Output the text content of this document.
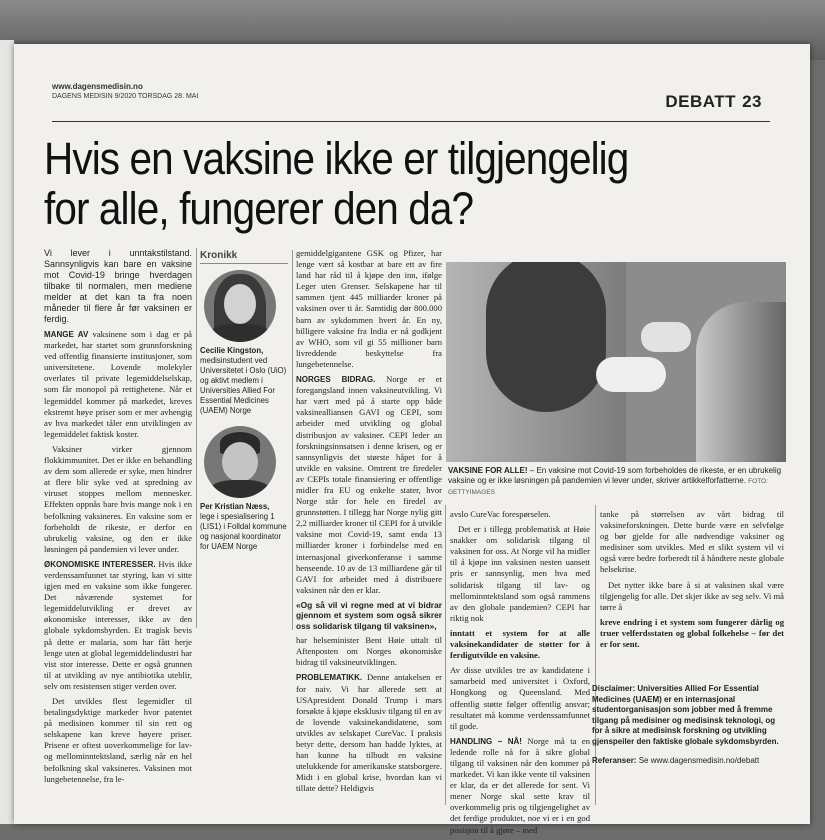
www.dagensmedisin.no
DAGENS MEDISIN 9/2020 TORSDAG 28. MAI	DEBATT 23
Hvis en vaksine ikke er tilgjengelig
for alle, fungerer den da?

Vi lever i unntakstilstand. Sannsynligvis kan bare en vaksine mot Covid-19 bringe hverdagen tilbake til normalen, men mediene melder at det kan ta fra noen måneder til flere år før vaksinen er ferdig.

MANGE AV vaksinene som i dag er på markedet, har startet som grunnforskning ved offentlig finansierte institusjoner, som universitetene. Lovende molekyler overlates til private legemiddelselskap, som får monopol på rettighetene. Når et legemiddel kommer på markedet, kreves ekstremt høye priser som er mer avhengig av hva markedet tåler enn utviklingen av legemiddelet faktisk koster.

Vaksiner virker gjennom flokkimmunitet. Det er ikke en behandling av dem som allerede er syke, men hindrer at flere blir syke ved at spredning av viruset stoppes mellom mennesker. Effekten oppnås bare hvis mange nok i en befolkning vaksineres. En vaksine som er forbeholdt de rikeste, er derfor en ubrukelig vaksine, og den er ikke løsningen på pandemien vi lever under.

ØKONOMISKE INTERESSER. Hvis ikke verdenssamfunnet tar styring, kan vi sitte igjen med en vaksine som ikke fungerer. Det nåværende systemet for legemiddelutvikling er drevet av økonomiske interesser, ikke av den globale sykdomsbyrden. Et tragisk bevis på dette er malaria, som har fått herje lenge uten at global legemiddelindustri har vist stor interesse. Dette er også grunnen til at utvikling av nye antibiotika uteblir, selv om resistensen stiger verden over.

Det utvikles flest legemidler til betalingsdyktige markeder hvor patentet på medisinen kommer til sin rett og selskapene kan kreve høyere priser. Prisene er oftest uoverkommelige for lav- og mellominntektsland, særlig når en hel befolkning skal vaksineres. Vaksinen mot lungebetennelse, fra le-

Kronikk
Cecilie Kingston,
medisinstudent ved Universitetet i Oslo (UiO) og aktivt medlem i Universities Allied For Essential Medicines (UAEM) Norge
Per Kristian Næss,
lege i spesialisering 1 (LIS1) i Folldal kommune og nasjonal koordinator for UAEM Norge

gemiddelgigantene GSK og Pfizer, har lenge vært så kostbar at bare ett av fire land har råd til å kjøpe den inn, ifølge Leger uten Grenser. Selskapene har til sammen tjent 445 milliarder kroner på vaksinen over ti år. Samtidig dør 800.000 barn av sykdommen hvert år. En ny, billigere vaksine fra India er nå godkjent av WHO, som vil gi 55 millioner barn livreddende beskyttelse fra lungebetennelse.

NORGES BIDRAG. Norge er et foregangsland innen vaksineutvikling. Vi har vært med på å starte opp både vaksinealliansen GAVI og CEPI, som arbeider med utvikling og global distribusjon av vaksiner. CEPI leder an forskningsinnsatsen i denne krisen, og er sannsynligvis det største håpet for å utvikle en vaksine. Omtrent tre firedeler av CEPIs totale finansiering er offentlige midler fra EU og enkelte stater, hvor Norge står for hele en firedel av grunnstøtten. I tillegg har Norge nylig gitt 2,2 milliarder kroner til CEPI for å utvikle vaksine mot Covid-19, samt enda 13 milliarder kroner i forbindelse med en internasjonal giverkonferanse i samme henseende. 10 av de 13 milliardene går til GAVI for arbeidet med å distribuere vaksinen når den er klar.

«Og så vil vi regne med at vi bidrar gjennom et system som også sikrer oss solidarisk tilgang til vaksinen»,

har helseminister Bent Høie uttalt til Aftenposten om Norges økonomiske bidrag til vaksineutviklingen.

PROBLEMATIKK. Denne antakelsen er for naiv. Vi har allerede sett at USApresident Donald Trump i mars forsøkte å kjøpe eksklusiv tilgang til en av de lovende vaksinekandidatene, som utvikles av selskapet CureVac. I praksis betyr dette, dersom han hadde lyktes, at han kunne ha tilbudt en vaksine utelukkende for amerikanske statsborgere. Midt i en global krise, hvordan kan vi tillate dette? Heldigvis

VAKSINE FOR ALLE! – En vaksine mot Covid-19 som forbeholdes de rikeste, er en ubrukelig vaksine og er ikke løsningen på pandemien vi lever under, skriver artikkelforfatterne. FOTO: GETTYIMAGES

avslo CureVac forespørselen.

Det er i tillegg problematisk at Høie snakker om solidarisk tilgang til vaksinen for oss. At Norge vil ha midler til å kjøpe inn vaksinen nesten uansett pris er sannsynlig, men hva med solidarisk tilgang til lav- og mellominntektsland som også rammens av den globale pandemien? CEPI har riktig nok

inntatt et system for at alle vaksinekandidater de støtter for å ferdigutvikle en vaksine.

Av disse utvikles tre av kandidatene i samarbeid med universitet i Oxford, Hongkong og Queensland. Med offentlig støtte følger offentlig ansvar; resultatet må komme verdenssamfunnet til gode.

HANDLING – NÅ! Norge må ta en ledende rolle nå for å sikre global tilgang til vaksinen når den kommer på markedet. Vi kan ikke vente til vaksinen er klar, da er det allerede for sent. Vi mener Norge skal sette krav til overkommelig pris og tilgjengelighet av det ferdige produktet, noe vi er i en god posisjon til å gjøre – med

tanke på størrelsen av vårt bidrag til vaksineforskningen. Dette burde være en selvfølge og bør gjelde for alle nødvendige vaksiner og medisiner som utvikles. Med et slikt system vil vi også være bedre forberedt til å håndtere neste globale helsekrise.

Det nytter ikke bare å si at vaksinen skal være tilgjengelig for alle. Det skjer ikke av seg selv. Vi må tørre å

kreve endring i et system som fungerer dårlig og truer velferdsstaten og global folkehelse – før det er for sent.

Disclaimer: Universities Allied For Essential Medicines (UAEM) er en internasjonal studentorganisasjon som jobber med å fremme tilgang på medisiner og medisinsk teknologi, og for å sikre at medisinsk forskning og utvikling gjenspeiler den faktiske globale sykdomsbyrden.
Referanser: Se www.dagensmedisin.no/debatt
